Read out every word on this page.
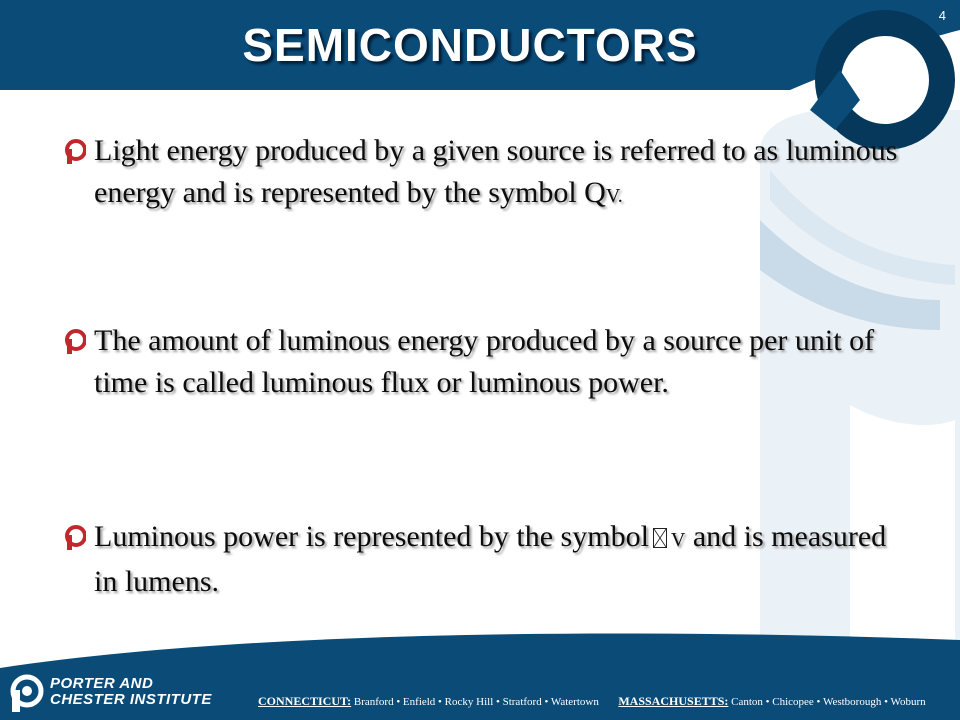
SEMICONDUCTORS
4
Light energy produced by a given source is referred to as luminous energy and is represented by the symbol QV.
The amount of luminous energy produced by a source per unit of time is called luminous flux or luminous power.
Luminous power is represented by the symbol V and is measured in lumens.
PORTER AND
CHESTER INSTITUTE	CONNECTICUT: Branford • Enfield • Rocky Hill • Stratford • Watertown MASSACHUSETTS: Canton • Chicopee • Westborough • Woburn
